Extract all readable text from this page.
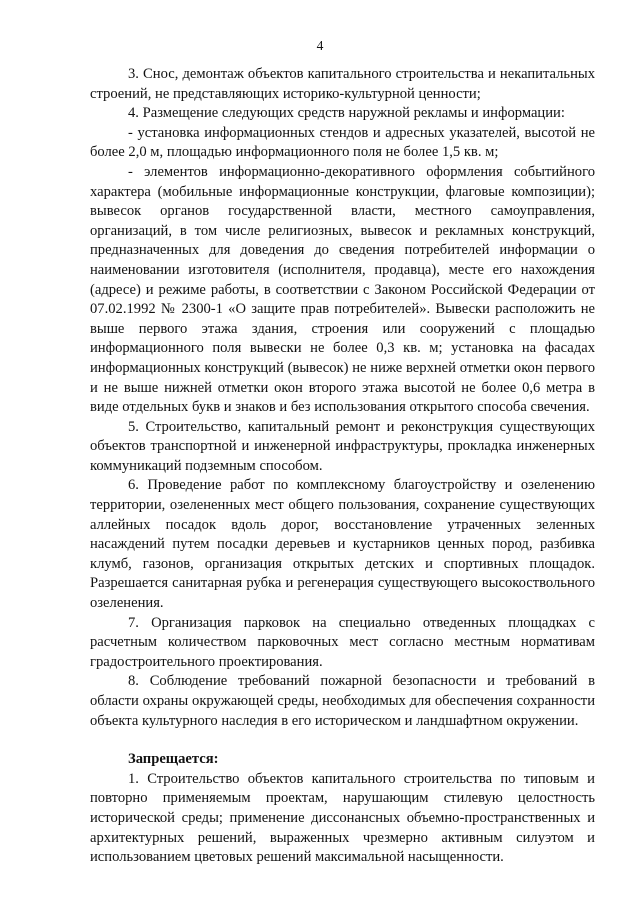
4

3. Снос, демонтаж объектов капитального строительства и некапитальных строений, не представляющих историко-культурной ценности;

4. Размещение следующих средств наружной рекламы и информации:

- установка информационных стендов и адресных указателей, высотой не более 2,0 м, площадью информационного поля не более 1,5 кв. м;

- элементов информационно-декоративного оформления событийного характера (мобильные информационные конструкции, флаговые композиции); вывесок органов государственной власти, местного самоуправления, организаций, в том числе религиозных, вывесок и рекламных конструкций, предназначенных для доведения до сведения потребителей информации о наименовании изготовителя (исполнителя, продавца), месте его нахождения (адресе) и режиме работы, в соответствии с Законом Российской Федерации от 07.02.1992 № 2300-1 «О защите прав потребителей». Вывески расположить не выше первого этажа здания, строения или сооружений с площадью информационного поля вывески не более 0,3 кв. м; установка на фасадах информационных конструкций (вывесок) не ниже верхней отметки окон первого и не выше нижней отметки окон второго этажа высотой не более 0,6 метра в виде отдельных букв и знаков и без использования открытого способа свечения.

5. Строительство, капитальный ремонт и реконструкция существующих объектов транспортной и инженерной инфраструктуры, прокладка инженерных коммуникаций подземным способом.

6. Проведение работ по комплексному благоустройству и озеленению территории, озелененных мест общего пользования, сохранение существующих аллейных посадок вдоль дорог, восстановление утраченных зеленных насаждений путем посадки деревьев и кустарников ценных пород, разбивка клумб, газонов, организация открытых детских и спортивных площадок. Разрешается санитарная рубка и регенерация существующего высокоствольного озеленения.

7. Организация парковок на специально отведенных площадках с расчетным количеством парковочных мест согласно местным нормативам градостроительного проектирования.

8. Соблюдение требований пожарной безопасности и требований в области охраны окружающей среды, необходимых для обеспечения сохранности объекта культурного наследия в его историческом и ландшафтном окружении.

Запрещается:

1. Строительство объектов капитального строительства по типовым и повторно применяемым проектам, нарушающим стилевую целостность исторической среды; применение диссонансных объемно-пространственных и архитектурных решений, выраженных чрезмерно активным силуэтом и использованием цветовых решений максимальной насыщенности.
